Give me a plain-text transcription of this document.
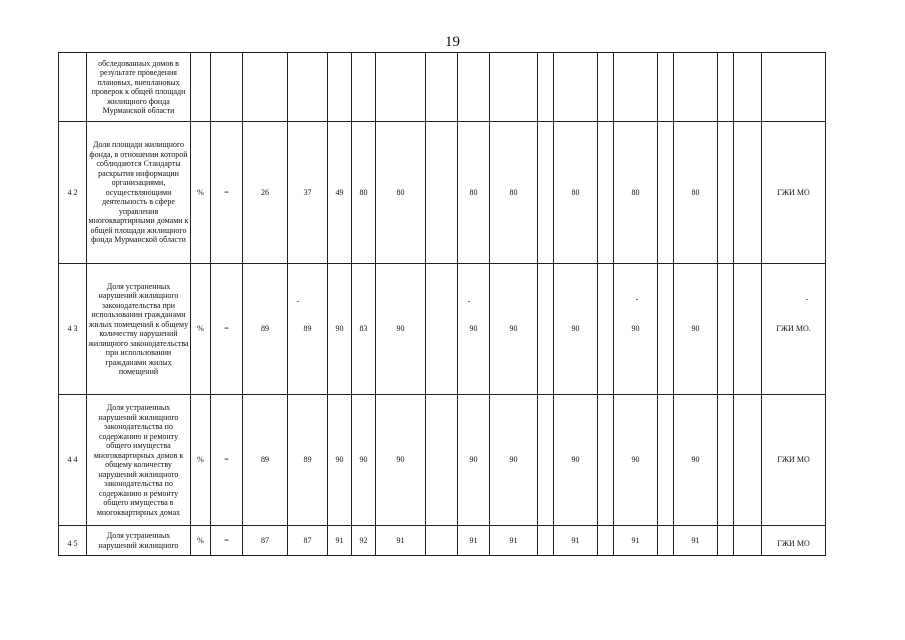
19
	обследованных домов в результате проведения плановых, внеплановых проверок к общей площади жилищного фонда Мурманской области																			
4 2	Доля площади жилищного фонда, в отношении которой соблюдаются Стандарты раскрытия информации организациями, осуществляющими деятельность в сфере управления многоквартирными домами к общей площади жилищного фонда Мурманской области	%	=	26	37	49	80	80		80	80		80		80		80			ГЖИ МО
4 3	Доля устраненных нарушений жилищного законодательства при использовании гражданами жилых помещений к общему количеству нарушений жилищного законодательства при использовании гражданами жилых помещений	%	=	89	89	90	83	90		90	90		90		90		90			ГЖИ МО.
4 4	Доля устраненных нарушений жилищного законодательства по содержанию и ремонту общего имущества многоквартирных домов к общему количеству нарушений жилищного законодательства по содержанию и ремонту общего имущества в многоквартирных домах	%	=	89	89	90	90	90		90	90		90		90		90			ГЖИ МО
4 5	Доля устраненных нарушений жилищного	%	=	87	87	91	92	91		91	91		91		91		91			ГЖИ МО
